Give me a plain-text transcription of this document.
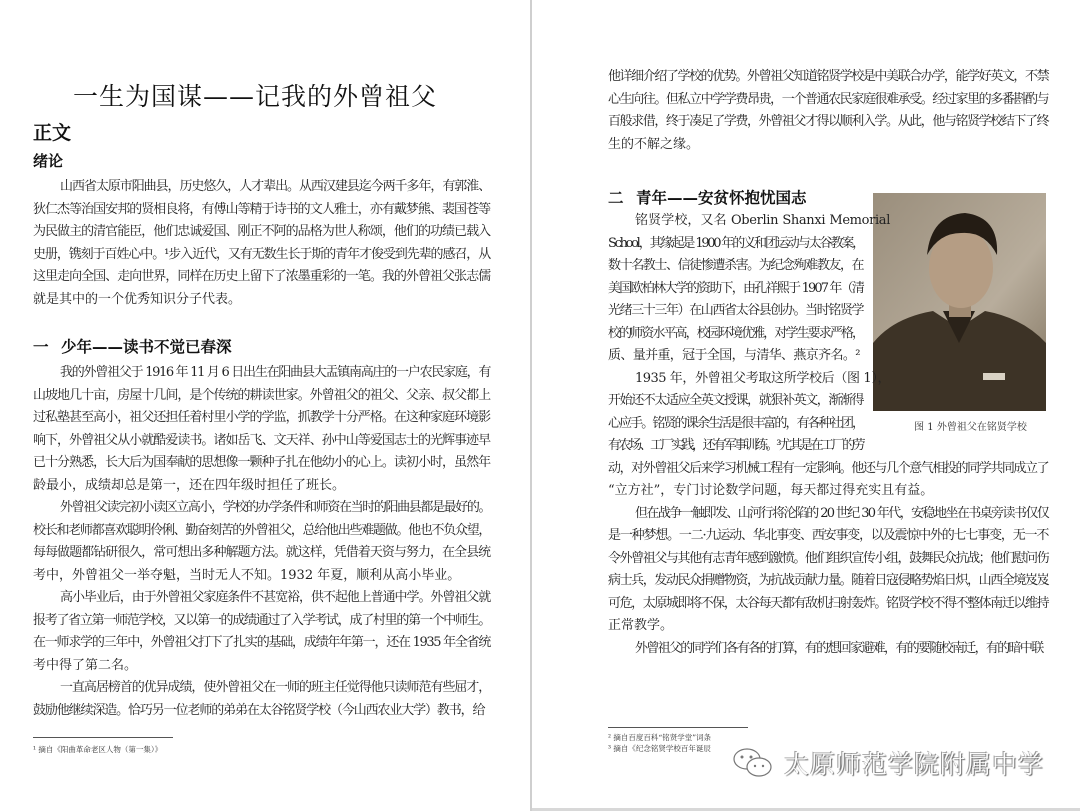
一生为国谋——记我的外曾祖父
正文
绪论
山西省太原市阳曲县，历史悠久，人才辈出。从西汉建县迄今两千多年，有郭淮、
狄仁杰等治国安邦的贤相良将，有傅山等精于诗书的文人雅士，亦有戴梦熊、裴国苍等
为民做主的清官能臣，他们忠诚爱国、刚正不阿的品格为世人称颂，他们的功绩已载入
史册，镌刻于百姓心中。¹步入近代，又有无数生长于斯的青年才俊受到先辈的感召，从
这里走向全国、走向世界，同样在历史上留下了浓墨重彩的一笔。我的外曾祖父张志儒
就是其中的一个优秀知识分子代表。
一 少年——读书不觉已春深
我的外曾祖父于 1916 年 11 月 6 日出生在阳曲县大盂镇南高庄的一户农民家庭，有
山坡地几十亩，房屋十几间，是个传统的耕读世家。外曾祖父的祖父、父亲、叔父都上
过私塾甚至高小，祖父还担任着村里小学的学监，抓教学十分严格。在这种家庭环境影
响下，外曾祖父从小就酷爱读书。诸如岳飞、文天祥、孙中山等爱国志士的光辉事迹早
已十分熟悉，长大后为国奉献的思想像一颗种子扎在他幼小的心上。读初小时，虽然年
龄最小，成绩却总是第一，还在四年级时担任了班长。
外曾祖父读完初小读区立高小，学校的办学条件和师资在当时的阳曲县都是最好的。
校长和老师都喜欢聪明伶俐、勤奋刻苦的外曾祖父，总给他出些难题做。他也不负众望，
每每做题都钻研很久，常可想出多种解题方法。就这样，凭借着天资与努力，在全县统
考中，外曾祖父一举夺魁，当时无人不知。1932 年夏，顺利从高小毕业。
高小毕业后，由于外曾祖父家庭条件不甚宽裕，供不起他上普通中学。外曾祖父就
报考了省立第一师范学校，又以第一的成绩通过了入学考试，成了村里的第一个中师生。
在一师求学的三年中，外曾祖父打下了扎实的基础，成绩年年第一，还在 1935 年全省统
考中得了第二名。
一直高居榜首的优异成绩，使外曾祖父在一师的班主任觉得他只读师范有些屈才，
鼓励他继续深造。恰巧另一位老师的弟弟在太谷铭贤学校（今山西农业大学）教书，给
¹ 摘自《阳曲革命老区人物（第一集）》
他详细介绍了学校的优势。外曾祖父知道铭贤学校是中美联合办学，能学好英文，不禁
心生向往。但私立中学学费昂贵，一个普通农民家庭很难承受。经过家里的多番斟酌与
百般求借，终于凑足了学费，外曾祖父才得以顺利入学。从此，他与铭贤学校结下了终
生的不解之缘。
二 青年——安贫怀抱忧国志
铭贤学校，又名 Oberlin Shanxi Memorial
School，其缘起是 1900 年的义和团运动与太谷教案，
数十名教士、信徒惨遭杀害。为纪念殉难教友，在
美国欧柏林大学的资助下，由孔祥熙于 1907 年（清
光绪三十三年）在山西省太谷县创办。当时铭贤学
校的师资水平高，校园环境优雅，对学生要求严格，
质、量并重，冠于全国，与清华、燕京齐名。²
1935 年，外曾祖父考取这所学校后（图 1），
开始还不太适应全英文授课，就狠补英文，渐渐得
心应手。铭贤的课余生活是很丰富的，有各种社团，
有农场、工厂实践，还有军事训练。³尤其是在工厂的劳
动，对外曾祖父后来学习机械工程有一定影响。他还与几个意气相投的同学共同成立了
“立方社”，专门讨论数学问题，每天都过得充实且有益。
但在战争一触即发、山河行将沦陷的 20 世纪 30 年代，安稳地坐在书桌旁读书仅仅
是一种梦想。一二·九运动、华北事变、西安事变，以及震惊中外的七七事变，无一不
令外曾祖父与其他有志青年感到激愤。他们组织宣传小组，鼓舞民众抗战；他们慰问伤
病士兵，发动民众捐赠物资，为抗战贡献力量。随着日寇侵略势焰日炽，山西全境岌岌
可危，太原城即将不保，太谷每天都有敌机扫射轰炸。铭贤学校不得不整体南迁以维持
正常教学。
外曾祖父的同学们各有各的打算，有的想回家避难，有的要随校南迁，有的暗中联
图 1 外曾祖父在铭贤学校
² 摘自百度百科“铭贤学堂”词条
³ 摘自《纪念铭贤学校百年诞辰
太原师范学院附属中学
